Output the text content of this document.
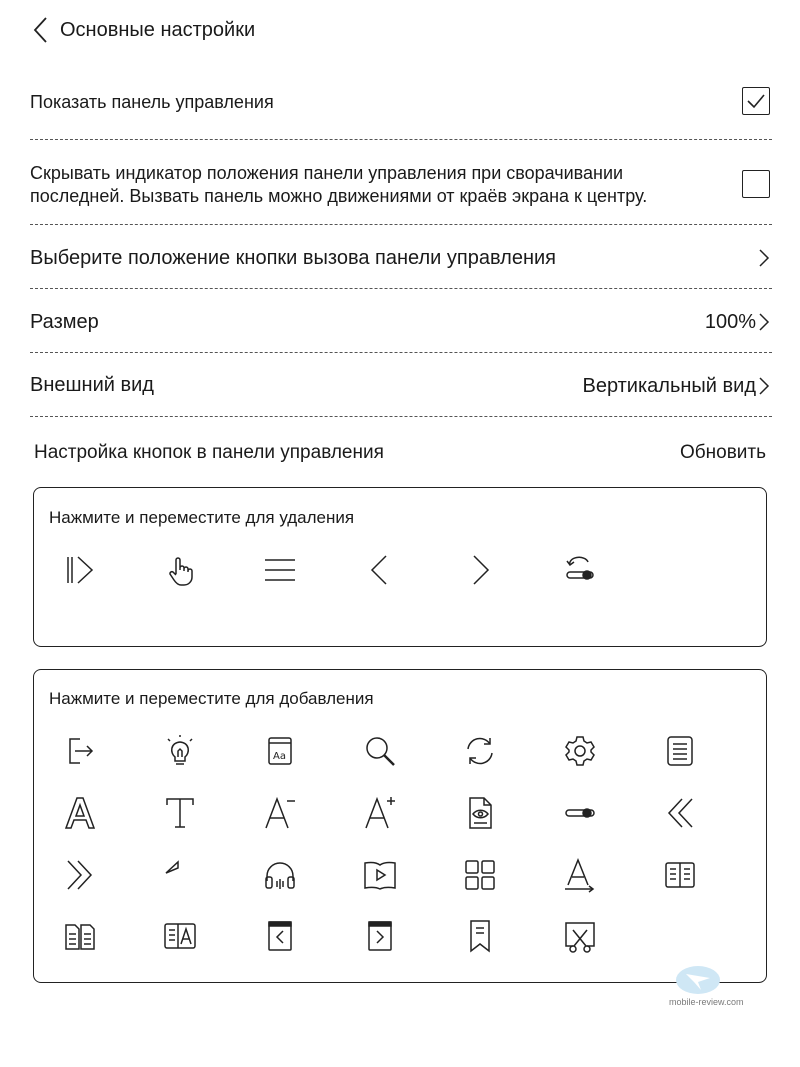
Основные настройки
Показать панель управления
Скрывать индикатор положения панели управления при сворачивании
последней. Вызвать панель можно движениями от краёв экрана к центру.
Выберите положение кнопки вызова панели управления
Размер	100%
Внешний вид	Вертикальный вид
Настройка кнопок в панели управления	Обновить
Нажмите и переместите для удаления
Нажмите и переместите для добавления
Aa
mobile-review.com
